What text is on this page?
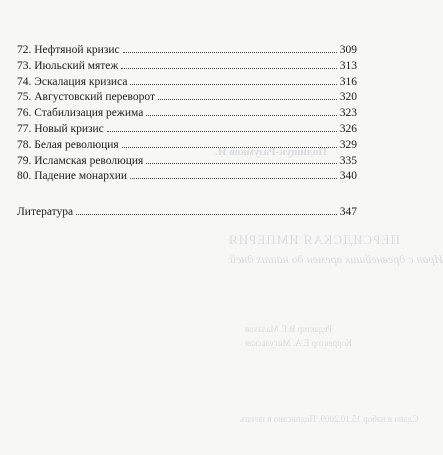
Полищук-Разумков И.
ПЕРСИДСКАЯ ИМПЕРИЯ
Иран с древнейших времен до наших дней
Редактор В.Г. Малахов
Корректор Е.А. Мигульская
Сдано в набор 15.10.2009. Подписано в печать
72. Нефтяной кризис	309
73. Июльский мятеж	313
74. Эскалация кризиса	316
75. Августовский переворот	320
76. Стабилизация режима	323
77. Новый кризис	326
78. Белая революция	329
79. Исламская революция	335
80. Падение монархии	340
Литература	347
